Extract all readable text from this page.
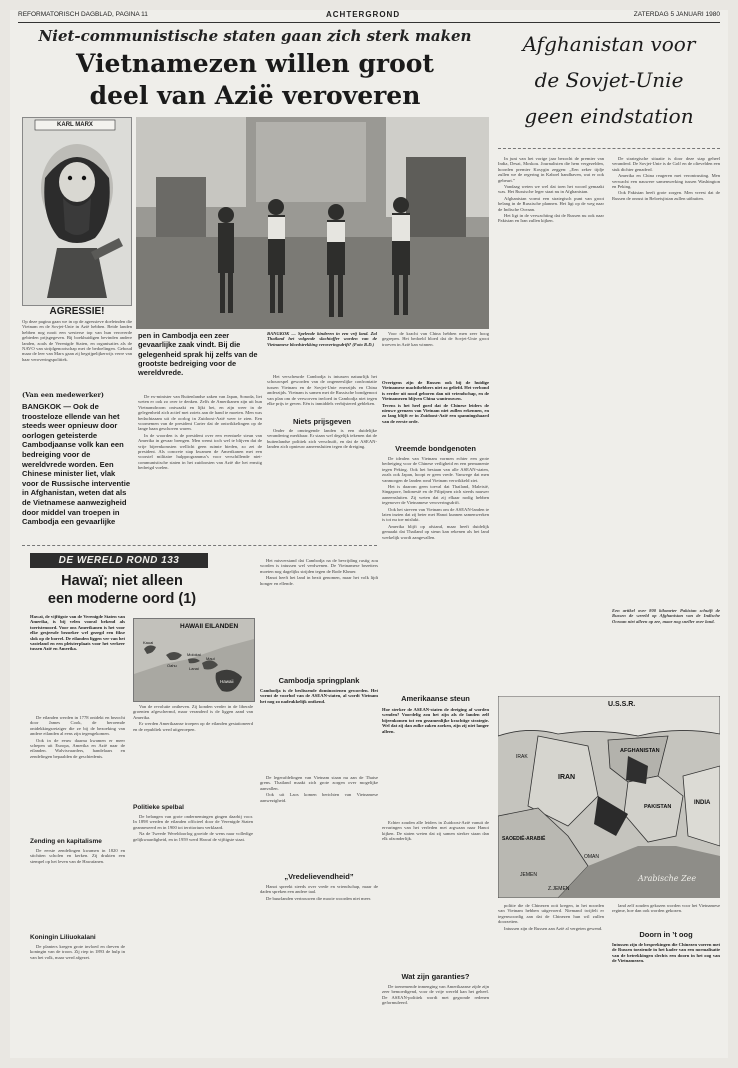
REFORMATORISCH DAGBLAD, PAGINA 11	ACHTERGROND	ZATERDAG 5 JANUARI 1980
Niet-communistische staten gaan zich sterk maken
Vietnamezen willen groot
deel van Azië veroveren
KARL MARX
AGRESSIE!
Op deze pagina gaan we in op de agressieve doeleinden die Vietnam en de Sovjet-Unie in Azië hebben. Beide landen hebben nog nooit een westerse top van hun veroverde gebieden prijsgegeven. Bij boekhuidigen bevinden andere landen, zoals de Verenigde Staten, en organisaties als de NAVO van strijdgenootschap met de bedoelingen. Geboud maar de leer van Marx gaan zij begrijpelijkerwijs verre van haar veroveringspolitiek.
(Van een medewerker)
BANGKOK — Spelende kinderen in een vrij land. Zal Thailand het volgende slachtoffer worden van de Vietnamese bloedstrekking veroveringsdrift? (Foto R.D.)
BANGKOK — Ook de troosteloze ellende van het steeds weer opnieuw door oorlogen geteisterde Cambodjaanse volk kan een bedreiging voor de wereldvrede worden. Een Chinese minister liet, vlak voor de Russische interventie in Afghanistan, weten dat als de Vietnamese aanwezigheid door middel van troepen in Cambodja een gevaarlijke
pen in Cambodja een zeer gevaarlijke zaak vindt. Bij die gelegenheid sprak hij zelfs van de grootste bedreiging voor de wereldvrede.

De ex-minister van Buitenlandse zaken van Japan, Sonoda, liet weten er ook zo over te denken. Zelfs de Amerikanen zijn uit hun Vietnamdroom ontwaakt en lijkt het, en zijn weer in de gelegenheid zich actief met zoiets aan de hand te moeien. Men was bedachtzaam uit de oorlog in Zuidoost-Azië weer te zien. Een voornemen van de president Carter dat de ontwikkelingen op de lange baan geschoven waren.

In de woorden is de president over een eventuele steun van Amerika in gevaar brengen. Men wenst toch wel te blijven dat de vrije bijeenkomsten wellicht geen ruimte bieden, zo zei de president. Als concrete stap kwamen de Amerikanen met een voorstel militaire hulpprogramma’s voor verschillende niet-communistische staten in het zuidoosten van Azië die het ernstig bedreigd voelen.

Het verscheurde Cambodja is intussen natuurlijk het schouwspel geworden van de ongeneeslijke confrontatie tussen Vietnam en de Sovjet-Unie enerzijds en China anderzijds. Vietnam is samen met de Russische bondgenoot van plan om de verworven invloed in Cambodja niet tegen elke prijs te geven. Eén is inmiddels verbijstered gebleken.

Niets prijsgeven

Onder de omringende landen is een duidelijke verandering merkbaar. Er staan wel degelijk tekenen dat de buitenlandse politiek zich verschuift, en dat de ASEAN-landen zich opnieuw aaneensluiten tegen de dreiging.

Voor de kracht van China hebben men zeer hoog gegrepen. Het bedoeld bloed dat de Sovjet-Unie groot troeven in Azië kan winnen.

Overigens zijn de Russen ook bij de huidige Vietnamese machthebbers niet zo geliefd. Het verbond is eerder uit nood geboren dan uit vriendschap, en de Vietnamezen blijven China wantrouwen.

Tevens is het heel goed dat de Chinese leiders de nieuwe grenzen van Vietnam niet zullen erkennen, en zo lang blijft er in Zuidoost-Azië een spanningshaard van de eerste orde.

Vreemde bondgenoten

De idealen van Vietnam vormen echter een grote bedreiging voor de Chinese veiligheid en een permanente tegen Peking. Ook het bestaan van alle ASEAN-staten, zoals ook Japan, hoopt er geen vrede. Vanwege dat men vanmorgen de landen rond Vietnam verwikkeld ziet.

Het is daarom geen toeval dat Thailand, Maleisië, Singapore, Indonesië en de Filipijnen zich steeds nauwer aaneensluiten. Zij weten dat zij elkaar nodig hebben tegenover de Vietnamese veroveringsdrift.

Ook het streven van Vietnam om de ASEAN-landen te laten inzien dat zij beter met Hanoi kunnen samenwerken is tot nu toe mislukt.

Amerika blijft op afstand, maar heeft duidelijk gemaakt dat Thailand op steun kan rekenen als het land werkelijk wordt aangevallen.

Amerikaanse steun
Hoe sterker de ASEAN-staten de dreiging af worden wenden? Voordelig zou het zijn als de landen zelf bijeenkomen tot een gezamenlijke krachtige strategie. Wel dat zij dan zulke zaken zoeken, zijn zij niet langer alleen.

Echter zouden alle leiders in Zuidoost-Azië vanuit de ervaringen van het verleden met argwaan naar Hanoi kijken. De staten weten dat zij samen sterker staan dan elk afzonderlijk.

Wat zijn garanties?

De toenemende inmenging van Amerikaanse zijde zijn zeer bemoedigend, voor de vrije wereld kan het geheel. De ASEAN-politiek wordt met gegronde redenen geformuleerd.

DE WERELD ROND 133
Hawaï; niet alleen
een moderne oord (1)
Hawaï, de vijftigste van de Verenigde Staten van Amerika, is bij velen vooral bekend als toeristenoord. Voor ons Amerikanen is het voor elke gesjeesde bezoeker wel gezegd een fikse slok op de borrel. De eilanden liggen ver van het vasteland en een pleisterplaats voor het verkeer tussen Azië en Amerika.
HAWAII EILANDEN
Kauai
Oahu
Molokai
Maui
Lanai
Hawaii

De eilanden werden in 1778 ontdekt en bezocht door James Cook, de beroemde ontdekkingsreiziger die ze bij de bezoeking van andere eilanden al eens zijn tegengekomen.

Ook in de eeuw daarna kwamen er meer schepen uit Europa, Amerika en Azië naar de eilanden. Walvisvaarders, handelaars en zendelingen bepaalden de geschiedenis.

Zending en kapitalisme

De eerste zendelingen kwamen in 1820 en stichtten scholen en kerken. Zij drukten een stempel op het leven van de Hawaïanen.

Koningin Liliuokalani

De planters kregen grote invloed en dreven de koningin van de troon. Zij riep in 1893 de hulp in van het volk, maar werd afgezet.

Van de revolutie ontheven. Zij konden verder in de liberale groenten afgeschermd, maar veranderd is de liggen aand van Amerika.

Er werden Amerikaanse troepen op de eilanden gestationeerd en de republiek werd uitgeroepen.

Politieke spelbal

De belangen van grote ondernemingen gingen daarbij voor. In 1898 werden de eilanden officieel door de Verenigde Staten geannexeerd en in 1900 tot territorium verklaard.

Na de Tweede Wereldoorlog groeide de wens naar volledige gelijkwaardigheid, en in 1959 werd Hawaï de vijftigste staat.

Het misverstand dat Cambodja na de bevrijding rustig zou worden is intussen wel verdwenen. De Vietnamese bezetters moeten nog dagelijks strijden tegen de Rode Khmer.

Hanoi heeft het land in bezit genomen, maar het volk lijdt honger en ellende.

Cambodja springplank
Cambodja is de beslissende dominostenen geworden. Het vormt de voorhof van de ASEAN-staten, al wordt Vietnam het nog zo nadrukkelijk ontkend.

De legerafdelingen van Vietnam staan nu aan de Thaise grens. Thailand maakt zich grote zorgen over mogelijke aanvallen.

Ook uit Laos komen berichten van Vietnamese aanwezigheid.

„Vredelievendheid”

Hanoi spreekt steeds over vrede en vriendschap, maar de daden spreken een andere taal.

De buurlanden vertrouwen die mooie woorden niet meer.

Afghanistan voor
de Sovjet-Unie
geen eindstation

In juni van het vorige jaar bezocht de premier van India, Desai, Moskou. Journalisten die hem vergezelden, hoorden premier Kosygin zeggen: „Een zeker tijdje zullen we de regering in Kaboel handhaven, wat er ook gebeurt.”

Vandaag weten we wel dat toen het woord gemaakt was. Het Russische leger staat nu in Afghanistan.

Afghanistan vormt een strategisch punt van groot belang in de Russische plannen. Het ligt op de weg naar de Indische Oceaan.

Het ligt in de verwachting dat de Russen nu ook naar Pakistan en Iran zullen kijken.

De strategische situatie is door deze stap geheel veranderd. De Sovjet-Unie is de Golf en de olievelden een stuk dichter genaderd.

Amerika en China reageren met verontrusting. Men verwacht een nauwere samenwerking tussen Washington en Peking.

Ook Pakistan heeft grote zorgen. Men vreest dat de Russen de onrust in Beloetsjistan zullen uitbuiten.

Een artikel over 800 kilometer Pakistan schuift de Russen de wereld op Afghanistan van de Indische Oceaan niet alleen op zee, maar nog sneller over land.
U.S.S.R.
AFGHANISTAN
IRAN
IRAK
PAKISTAN
INDIA
SAOEDIË-ARABIË
Arabische Zee
OMAN
JEMEN
Z.JEMEN

politie die de Chinezen ooit kregen, in het noorden van Vietnam hebben uitgevoerd. Niemand twijfelt er tegenwoordig aan dat de Chinezen hun wil zullen doorzetten.

Intussen zijn de Russen aan Azië al vergeten gewend.

land zelf zouden gekozen worden voor het Vietnamese regime, hoe dan ook worden gekozen.

Doorn in ’t oog
Intussen zijn de besprekingen die Chinezen voeren met de Russen toeziende in het kader van een normalisatie van de betrekkingen slechts een doorn in het oog van de Vietnamezen.
